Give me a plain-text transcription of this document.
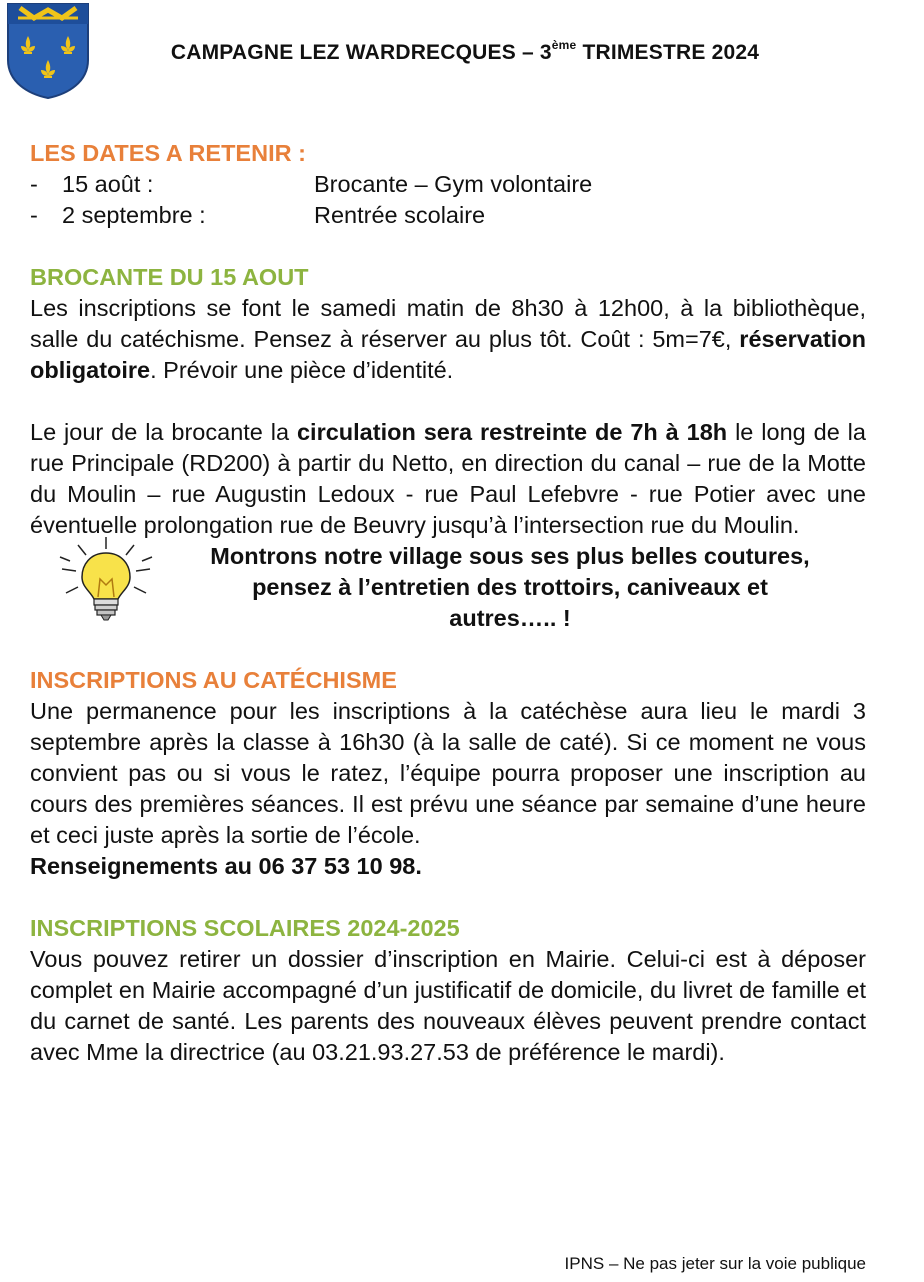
CAMPAGNE LEZ WARDRECQUES – 3ème TRIMESTRE 2024
LES DATES A RETENIR :
- 15 août :	Brocante – Gym volontaire
- 2 septembre :	Rentrée scolaire
BROCANTE DU 15 AOUT

Les inscriptions se font le samedi matin de 8h30 à 12h00, à la bibliothèque, salle du catéchisme. Pensez à réserver au plus tôt. Coût : 5m=7€, réservation obligatoire. Prévoir une pièce d’identité.

Le jour de la brocante la circulation sera restreinte de 7h à 18h le long de la rue Principale (RD200) à partir du Netto, en direction du canal – rue de la Motte du Moulin – rue Augustin Ledoux - rue Paul Lefebvre - rue Potier avec une éventuelle prolongation rue de Beuvry jusqu’à l’intersection rue du Moulin.

Montrons notre village sous ses plus belles coutures,
pensez à l’entretien des trottoirs, caniveaux et
autres….. !
INSCRIPTIONS AU CATÉCHISME

Une permanence pour les inscriptions à la catéchèse aura lieu le mardi 3 septembre après la classe à 16h30 (à la salle de caté). Si ce moment ne vous convient pas ou si vous le ratez, l’équipe pourra proposer une inscription au cours des premières séances. Il est prévu une séance par semaine d’une heure et ceci juste après la sortie de l’école.

Renseignements au 06 37 53 10 98.

INSCRIPTIONS SCOLAIRES 2024-2025

Vous pouvez retirer un dossier d’inscription en Mairie. Celui-ci est à déposer complet en Mairie accompagné d’un justificatif de domicile, du livret de famille et du carnet de santé. Les parents des nouveaux élèves peuvent prendre contact avec Mme la directrice (au 03.21.93.27.53 de préférence le mardi).

IPNS – Ne pas jeter sur la voie publique
